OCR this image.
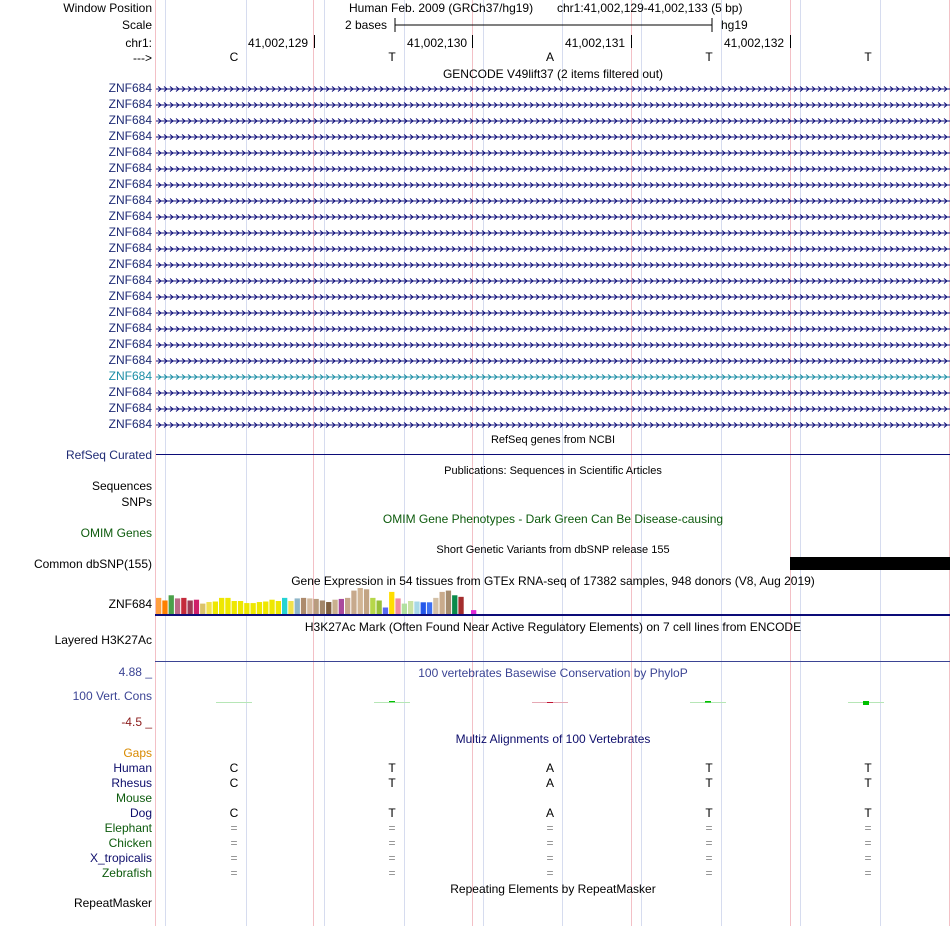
Window Position
Scale
chr1:
--->
Human Feb. 2009 (GRCh37/hg19) chr1:41,002,129-41,002,133 (5 bp)
2 bases	hg19
41,002,129	41,002,130	41,002,131	41,002,132
C	T	A	T	T
GENCODE V49lift37 (2 items filtered out)
ZNF684
ZNF684
ZNF684
ZNF684
ZNF684
ZNF684
ZNF684
ZNF684
ZNF684
ZNF684
ZNF684
ZNF684
ZNF684
ZNF684
ZNF684
ZNF684
ZNF684
ZNF684
ZNF684
ZNF684
ZNF684
ZNF684
RefSeq genes from NCBI
RefSeq Curated
Publications: Sequences in Scientific Articles
Sequences
SNPs
OMIM Gene Phenotypes - Dark Green Can Be Disease-causing
OMIM Genes
Short Genetic Variants from dbSNP release 155
Common dbSNP(155)
Gene Expression in 54 tissues from GTEx RNA-seq of 17382 samples, 948 donors (V8, Aug 2019)
ZNF684
H3K27Ac Mark (Often Found Near Active Regulatory Elements) on 7 cell lines from ENCODE
Layered H3K27Ac
100 vertebrates Basewise Conservation by PhyloP
4.88 _
100 Vert. Cons
-4.5 _
Multiz Alignments of 100 Vertebrates
Gaps
Human	C	T	A	T	T
Rhesus	C	T	A	T	T
Mouse
Dog	C	T	A	T	T
Elephant	=	=	=	=	=
Chicken	=	=	=	=	=
X_tropicalis	=	=	=	=	=
Zebrafish	=	=	=	=	=
Repeating Elements by RepeatMasker
RepeatMasker
